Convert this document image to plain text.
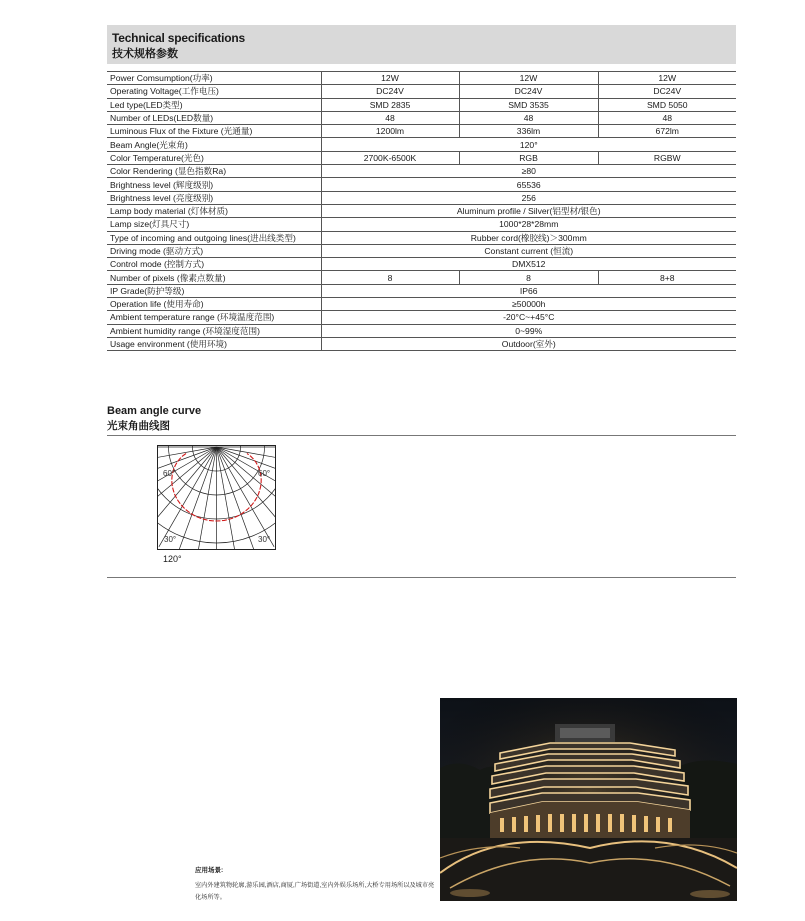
Technical specifications
技术规格参数
Power Comsumption(功率)	12W	12W	12W
Operating Voltage(工作电压)	DC24V	DC24V	DC24V
Led type(LED类型)	SMD 2835	SMD 3535	SMD 5050
Number of LEDs(LED数量)	48	48	48
Luminous Flux of the Fixture (光通量)	1200lm	336lm	672lm
Beam Angle(光束角)	120°		
Color Temperature(光色)	2700K-6500K	RGB	RGBW
Color Rendering (显色指数Ra)	≥80		
Brightness level (辉度级别)	65536		
Brightness level (亮度级别)	256		
Lamp body material (灯体材质)	Aluminum profile / Silver(铝型材/银色)		
Lamp size(灯具尺寸)	1000*28*28mm		
Type of incoming and outgoing lines(进出线类型)	Rubber cord(橡胶线)＞300mm		
Driving mode (驱动方式)	Constant current (恒流)		
Control mode (控制方式)	DMX512		
Number of pixels (像素点数量)	8	8	8+8
IP Grade(防护等级)	IP66		
Operation life (使用寿命)	≥50000h		
Ambient temperature range (环境温度范围)	-20°C~+45°C		
Ambient humidity range (环境湿度范围)	0~99%		
Usage environment (使用环境)	Outdoor(室外)		
Beam angle curve
光束角曲线图
60°	60°
30°	30°
120°
应用场景:
室内外建筑物轮廓,游乐园,酒店,商厦,广场街道,室内外娱乐场所,大桥专用场所以及城市亮化场所等。
